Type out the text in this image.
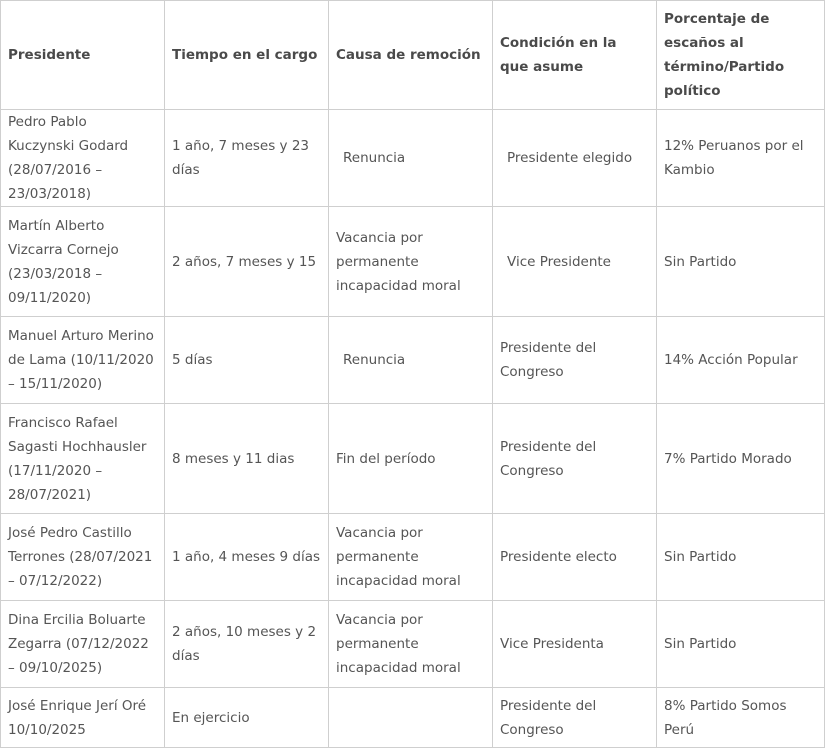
Presidente	Tiempo en el cargo	Causa de remoción	Condición en la que asume	Porcentaje de escaños al término/Partido político
Pedro Pablo Kuczynski Godard (28/07/2016 – 23/03/2018)	1 año, 7 meses y 23 días	Renuncia	Presidente elegido	12% Peruanos por el Kambio
Martín Alberto Vizcarra Cornejo (23/03/2018 – 09/11/2020)	2 años, 7 meses y 15	Vacancia por permanente incapacidad moral	Vice Presidente	Sin Partido
Manuel Arturo Merino de Lama (10/11/2020 – 15/11/2020)	5 días	Renuncia	Presidente del Congreso	14% Acción Popular
Francisco Rafael Sagasti Hochhausler (17/11/2020 – 28/07/2021)	8 meses y 11 dias	Fin del período	Presidente del Congreso	7% Partido Morado
José Pedro Castillo Terrones (28/07/2021 – 07/12/2022)	1 año, 4 meses 9 días	Vacancia por permanente incapacidad moral	Presidente electo	Sin Partido
Dina Ercilia Boluarte Zegarra (07/12/2022 – 09/10/2025)	2 años, 10 meses y 2 días	Vacancia por permanente incapacidad moral	Vice Presidenta	Sin Partido
José Enrique Jerí Oré 10/10/2025	En ejercicio		Presidente del Congreso	8% Partido Somos Perú
